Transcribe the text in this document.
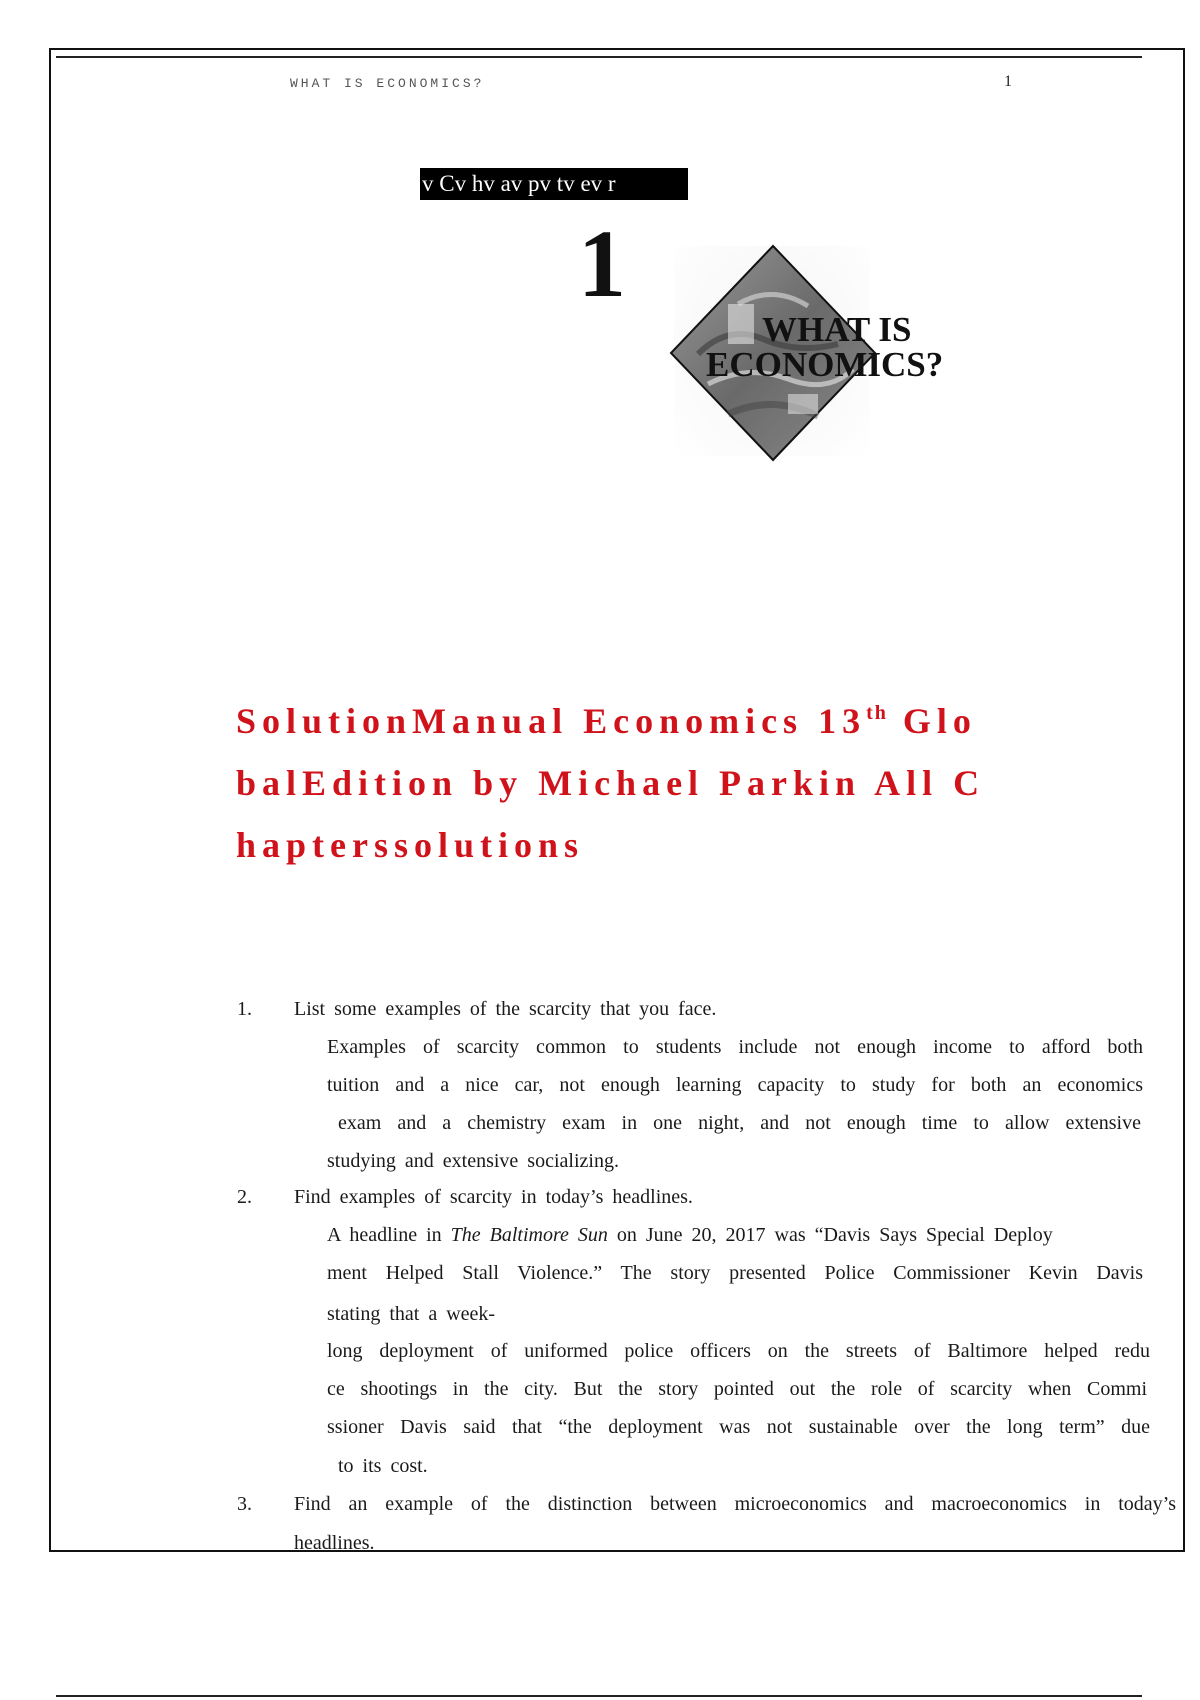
WHAT IS ECONOMICS?	1
v Cv hv av pv tv ev r
1
WHAT IS
ECONOMICS?
SolutionManual Economics 13th Glo
balEdition by Michael Parkin All C
hapterssolutions
1. List some examples of the scarcity that you face.
Examples of scarcity common to students include not enough income to afford both
tuition and a nice car, not enough learning capacity to study for both an economics
exam and a chemistry exam in one night, and not enough time to allow extensive
studying and extensive socializing.
2. Find examples of scarcity in today’s headlines.
A headline in The Baltimore Sun on June 20, 2017 was “Davis Says Special Deploy
ment Helped Stall Violence.” The story presented Police Commissioner Kevin Davis
stating that a week-
long deployment of uniformed police officers on the streets of Baltimore helped redu
ce shootings in the city. But the story pointed out the role of scarcity when Commi
ssioner Davis said that “the deployment was not sustainable over the long term” due
to its cost.
3. Find an example of the distinction between microeconomics and macroeconomics in today’s
headlines.
